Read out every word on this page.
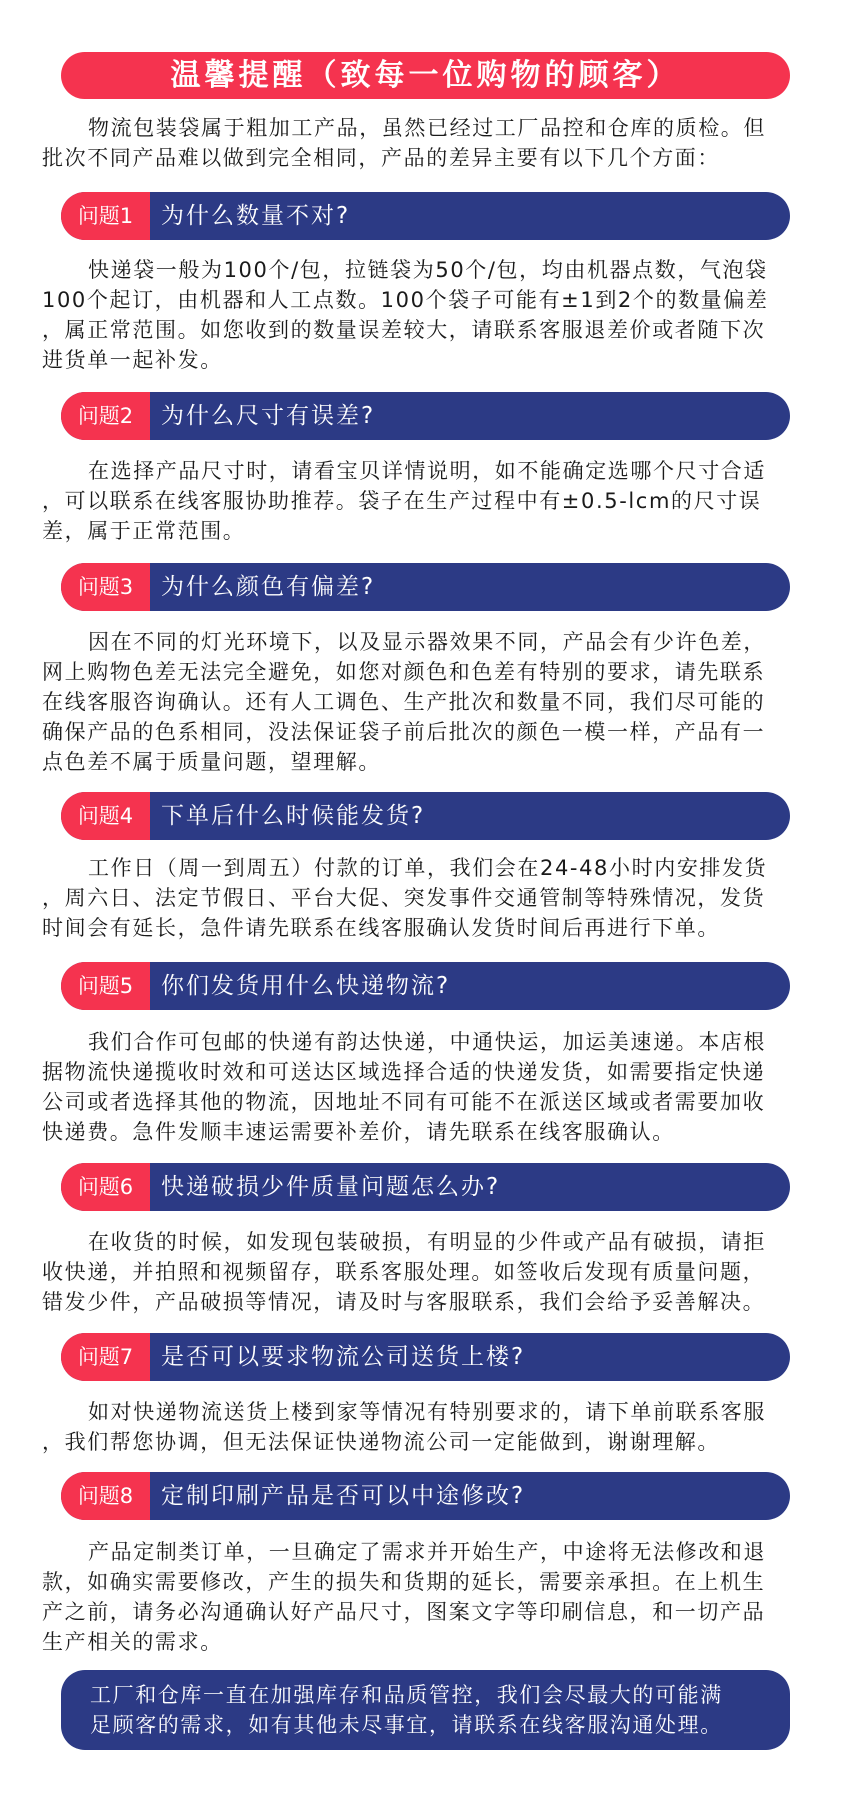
温馨提醒（致每一位购物的顾客）
物流包装袋属于粗加工产品，虽然已经过工厂品控和仓库的质检。但
批次不同产品难以做到完全相同，产品的差异主要有以下几个方面：
问题1	为什么数量不对?
快递袋一般为100个/包，拉链袋为50个/包，均由机器点数，气泡袋
100个起订，由机器和人工点数。100个袋子可能有±1到2个的数量偏差
，属正常范围。如您收到的数量误差较大，请联系客服退差价或者随下次
进货单一起补发。
问题2	为什么尺寸有误差?
在选择产品尺寸时，请看宝贝详情说明，如不能确定选哪个尺寸合适
，可以联系在线客服协助推荐。袋子在生产过程中有±0.5-lcm的尺寸误
差，属于正常范围。
问题3	为什么颜色有偏差?
因在不同的灯光环境下，以及显示器效果不同，产品会有少许色差，
网上购物色差无法完全避免，如您对颜色和色差有特别的要求，请先联系
在线客服咨询确认。还有人工调色、生产批次和数量不同，我们尽可能的
确保产品的色系相同，没法保证袋子前后批次的颜色一模一样，产品有一
点色差不属于质量问题，望理解。
问题4	下单后什么时候能发货?
工作日（周一到周五）付款的订单，我们会在24-48小时内安排发货
，周六日、法定节假日、平台大促、突发事件交通管制等特殊情况，发货
时间会有延长，急件请先联系在线客服确认发货时间后再进行下单。
问题5	你们发货用什么快递物流?
我们合作可包邮的快递有韵达快递，中通快运，加运美速递。本店根
据物流快递揽收时效和可送达区域选择合适的快递发货，如需要指定快递
公司或者选择其他的物流，因地址不同有可能不在派送区域或者需要加收
快递费。急件发顺丰速运需要补差价，请先联系在线客服确认。
问题6	快递破损少件质量问题怎么办?
在收货的时候，如发现包装破损，有明显的少件或产品有破损，请拒
收快递，并拍照和视频留存，联系客服处理。如签收后发现有质量问题，
错发少件，产品破损等情况，请及时与客服联系，我们会给予妥善解决。
问题7	是否可以要求物流公司送货上楼?
如对快递物流送货上楼到家等情况有特别要求的，请下单前联系客服
，我们帮您协调，但无法保证快递物流公司一定能做到，谢谢理解。
问题8	定制印刷产品是否可以中途修改?
产品定制类订单，一旦确定了需求并开始生产，中途将无法修改和退
款，如确实需要修改，产生的损失和货期的延长，需要亲承担。在上机生
产之前，请务必沟通确认好产品尺寸，图案文字等印刷信息，和一切产品
生产相关的需求。
工厂和仓库一直在加强库存和品质管控，我们会尽最大的可能满
足顾客的需求，如有其他未尽事宜，请联系在线客服沟通处理。
